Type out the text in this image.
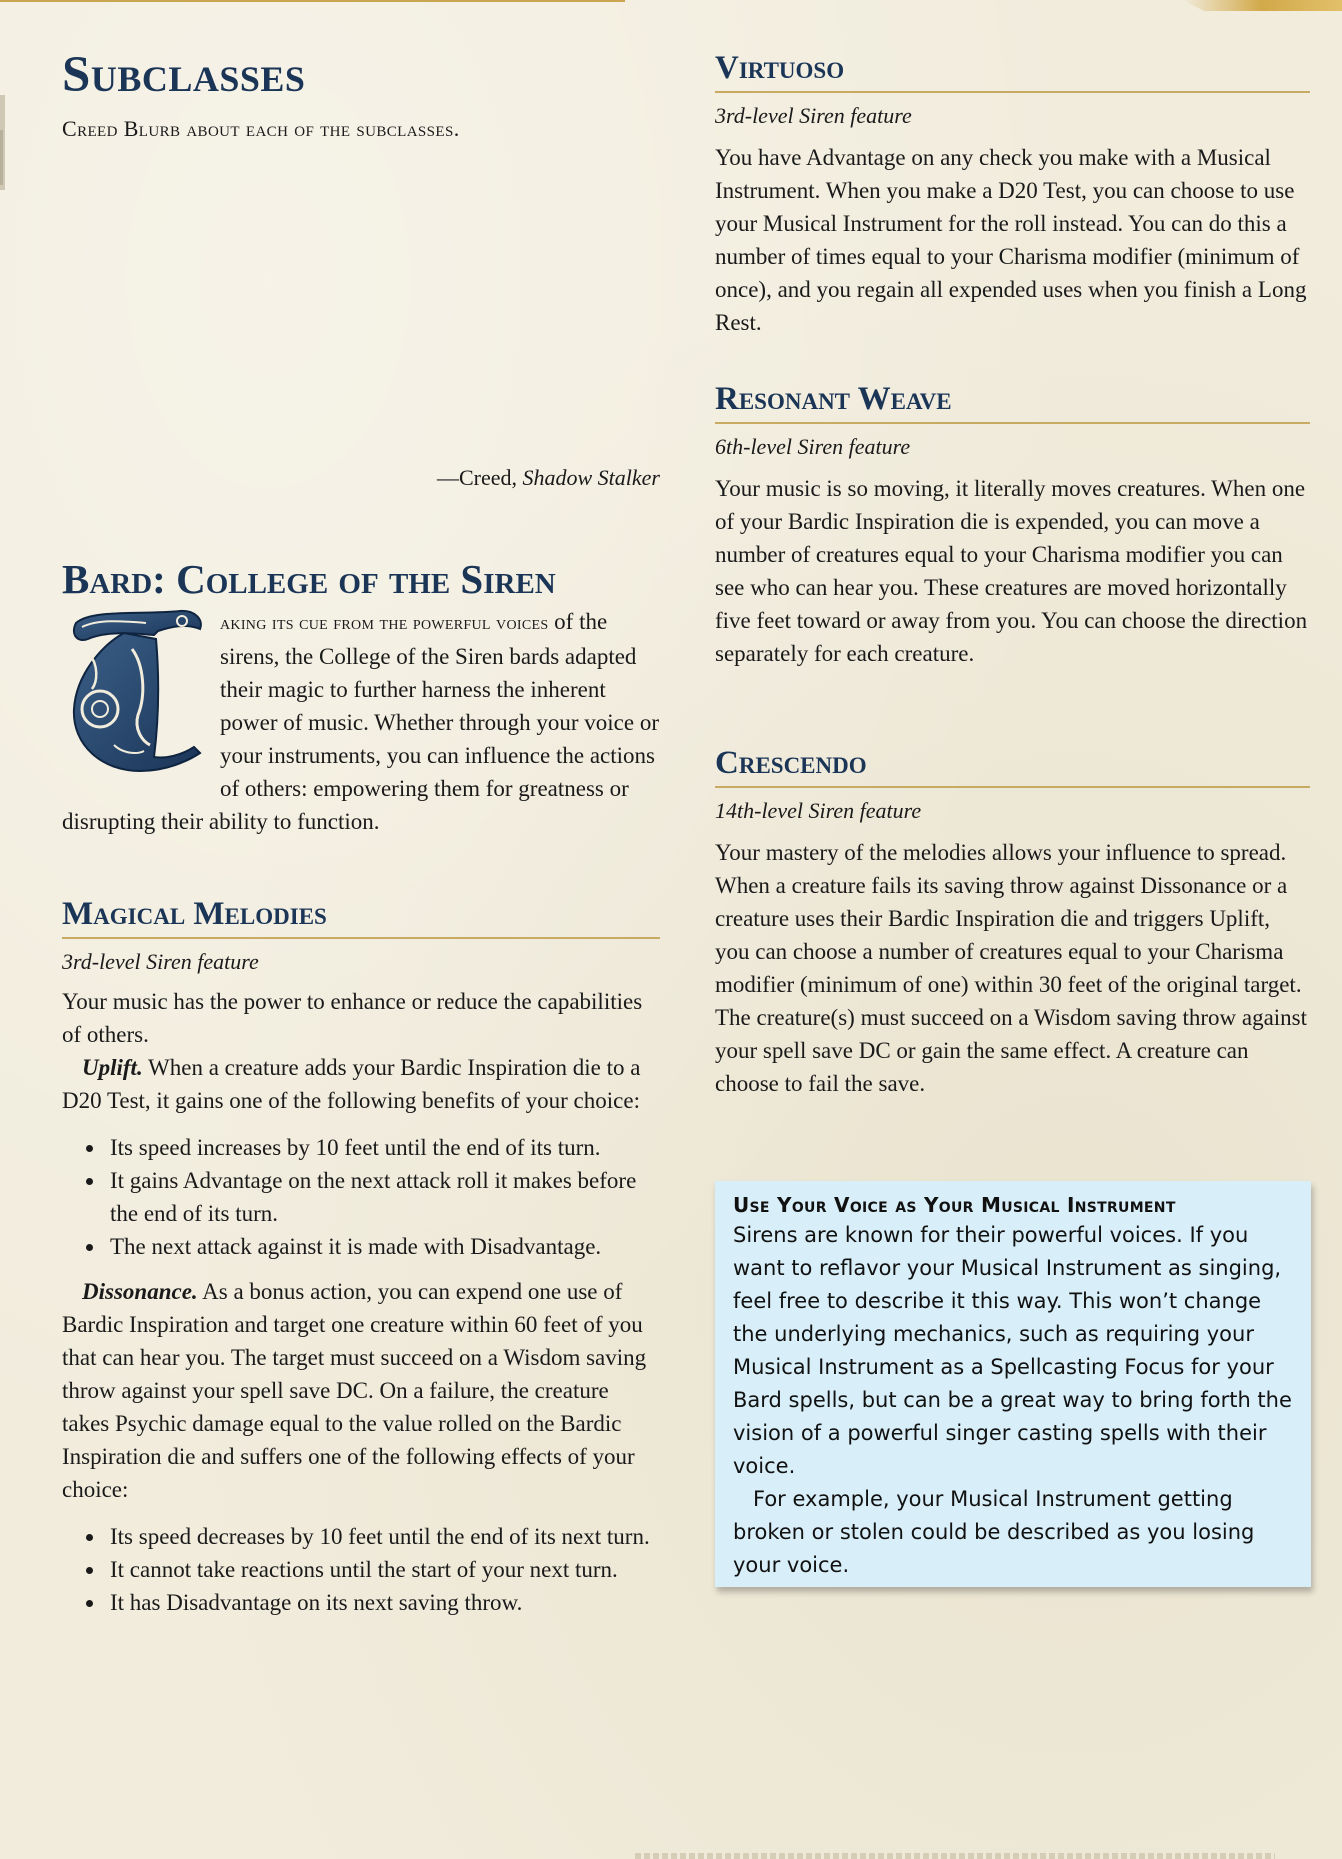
Subclasses

Creed Blurb about each of the subclasses.

—Creed, Shadow Stalker

Bard: College of the Siren
aking its cue from the powerful voices of the sirens, the College of the Siren bards adapted their magic to further harness the inherent power of music. Whether through your voice or your instruments, you can influence the actions of others: empowering them for greatness or disrupting their ability to function.
Magical Melodies

3rd-level Siren feature

Your music has the power to enhance or reduce the capabilities of others.

Uplift. When a creature adds your Bardic Inspiration die to a D20 Test, it gains one of the following benefits of your choice:

• Its speed increases by 10 feet until the end of its turn.
• It gains Advantage on the next attack roll it makes before the end of its turn.
• The next attack against it is made with Disadvantage.

Dissonance. As a bonus action, you can expend one use of Bardic Inspiration and target one creature within 60 feet of you that can hear you. The target must succeed on a Wisdom saving throw against your spell save DC. On a failure, the creature takes Psychic damage equal to the value rolled on the Bardic Inspiration die and suffers one of the following effects of your choice:

• Its speed decreases by 10 feet until the end of its next turn.
• It cannot take reactions until the start of your next turn.
• It has Disadvantage on its next saving throw.
Virtuoso

3rd-level Siren feature

You have Advantage on any check you make with a Musical Instrument. When you make a D20 Test, you can choose to use your Musical Instrument for the roll instead. You can do this a number of times equal to your Charisma modifier (minimum of once), and you regain all expended uses when you finish a Long Rest.

Resonant Weave

6th-level Siren feature

Your music is so moving, it literally moves creatures. When one of your Bardic Inspiration die is expended, you can move a number of creatures equal to your Charisma modifier you can see who can hear you. These creatures are moved horizontally five feet toward or away from you. You can choose the direction separately for each creature.

Crescendo

14th-level Siren feature

Your mastery of the melodies allows your influence to spread. When a creature fails its saving throw against Dissonance or a creature uses their Bardic Inspiration die and triggers Uplift, you can choose a number of creatures equal to your Charisma modifier (minimum of one) within 30 feet of the original target. The creature(s) must succeed on a Wisdom saving throw against your spell save DC or gain the same effect. A creature can choose to fail the save.

Use Your Voice as Your Musical Instrument

Sirens are known for their powerful voices. If you want to reflavor your Musical Instrument as singing, feel free to describe it this way. This won’t change the underlying mechanics, such as requiring your Musical Instrument as a Spellcasting Focus for your Bard spells, but can be a great way to bring forth the vision of a powerful singer casting spells with their voice.

For example, your Musical Instrument getting broken or stolen could be described as you losing your voice.
